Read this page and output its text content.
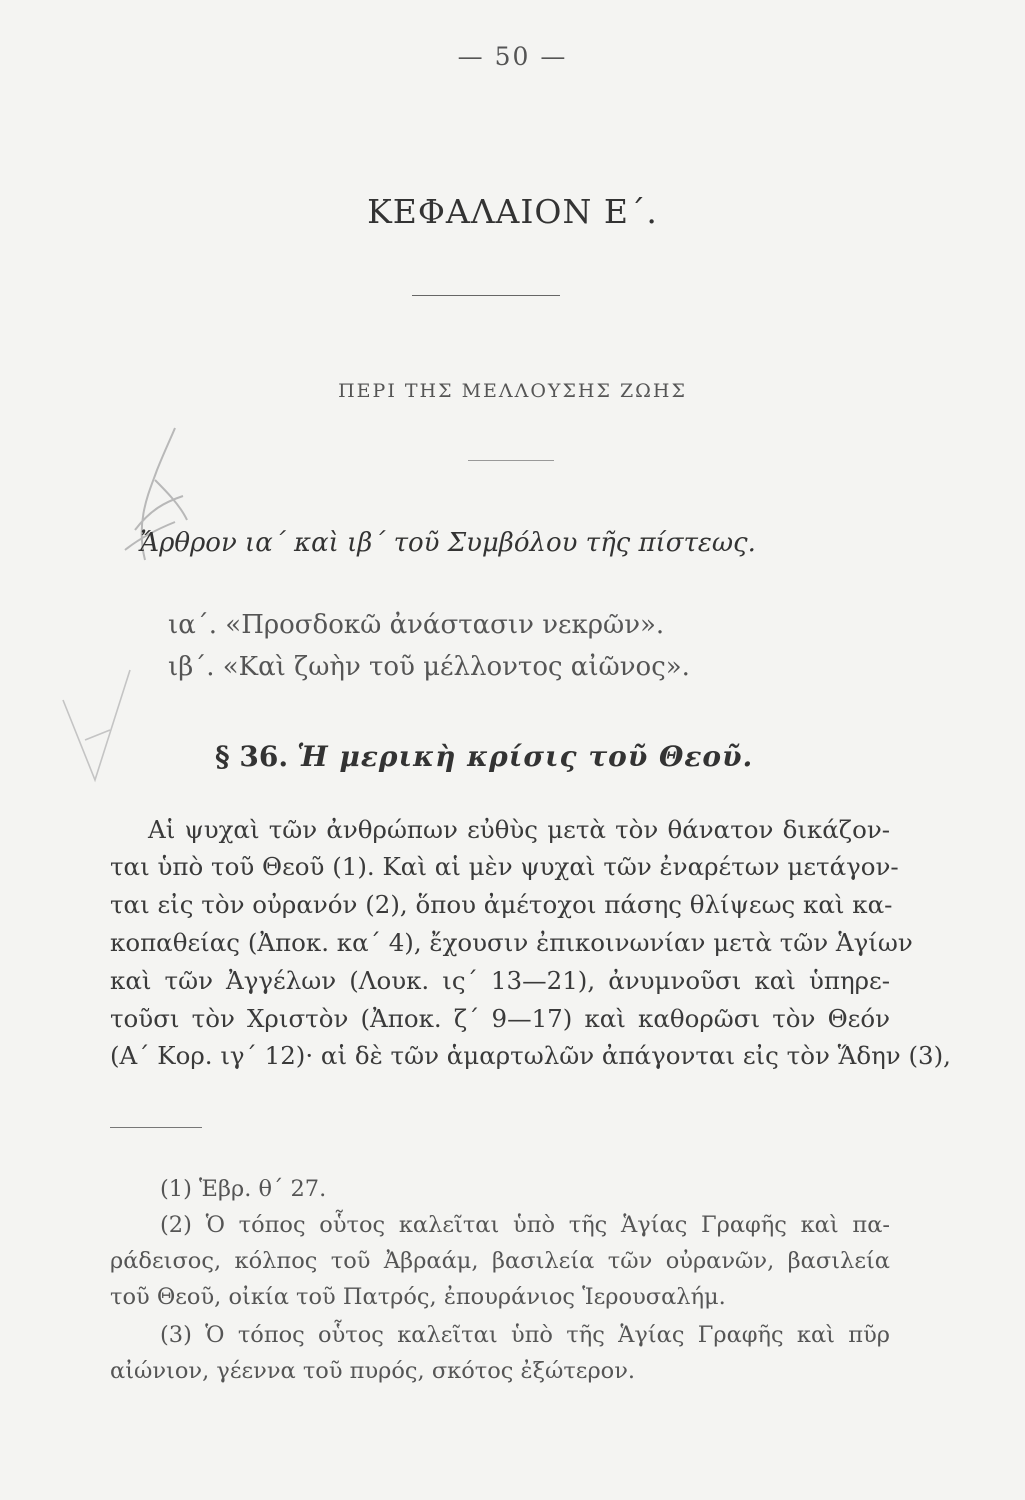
— 50 —
ΚΕΦΑΛΑΙΟΝ Ε΄.
ΠΕΡΙ ΤΗΣ ΜΕΛΛΟΥΣΗΣ ΖΩΗΣ
Ἄρθρον ια΄ καὶ ιβ΄ τοῦ Συμβόλου τῆς πίστεως.
ια΄. «Προσδοκῶ ἀνάστασιν νεκρῶν».
ιβ΄. «Καὶ ζωὴν τοῦ μέλλοντος αἰῶνος».
§ 36. Ἡ μερικὴ κρίσις τοῦ Θεοῦ.
Αἱ ψυχαὶ τῶν ἀνθρώπων εὐθὺς μετὰ τὸν θάνατον δικάζον-
ται ὑπὸ τοῦ Θεοῦ (1). Καὶ αἱ μὲν ψυχαὶ τῶν ἐναρέτων μετάγον-
ται εἰς τὸν οὐρανόν (2), ὅπου ἀμέτοχοι πάσης θλίψεως καὶ κα-
κοπαθείας (Ἀποκ. κα΄ 4), ἔχουσιν ἐπικοινωνίαν μετὰ τῶν Ἁγίων
καὶ τῶν Ἀγγέλων (Λουκ. ις΄ 13—21), ἀνυμνοῦσι καὶ ὑπηρε-
τοῦσι τὸν Χριστὸν (Ἀποκ. ζ΄ 9—17) καὶ καθορῶσι τὸν Θεόν
(Α΄ Κορ. ιγ΄ 12)· αἱ δὲ τῶν ἁμαρτωλῶν ἀπάγονται εἰς τὸν Ἅδην (3),
(1) Ἑβρ. θ΄ 27.
(2) Ὁ τόπος οὗτος καλεῖται ὑπὸ τῆς Ἁγίας Γραφῆς καὶ πα-
ράδεισος, κόλπος τοῦ Ἀβραάμ, βασιλεία τῶν οὐρανῶν, βασιλεία
τοῦ Θεοῦ, οἰκία τοῦ Πατρός, ἐπουράνιος Ἱερουσαλήμ.
(3) Ὁ τόπος οὗτος καλεῖται ὑπὸ τῆς Ἁγίας Γραφῆς καὶ πῦρ
αἰώνιον, γέεννα τοῦ πυρός, σκότος ἐξώτερον.
